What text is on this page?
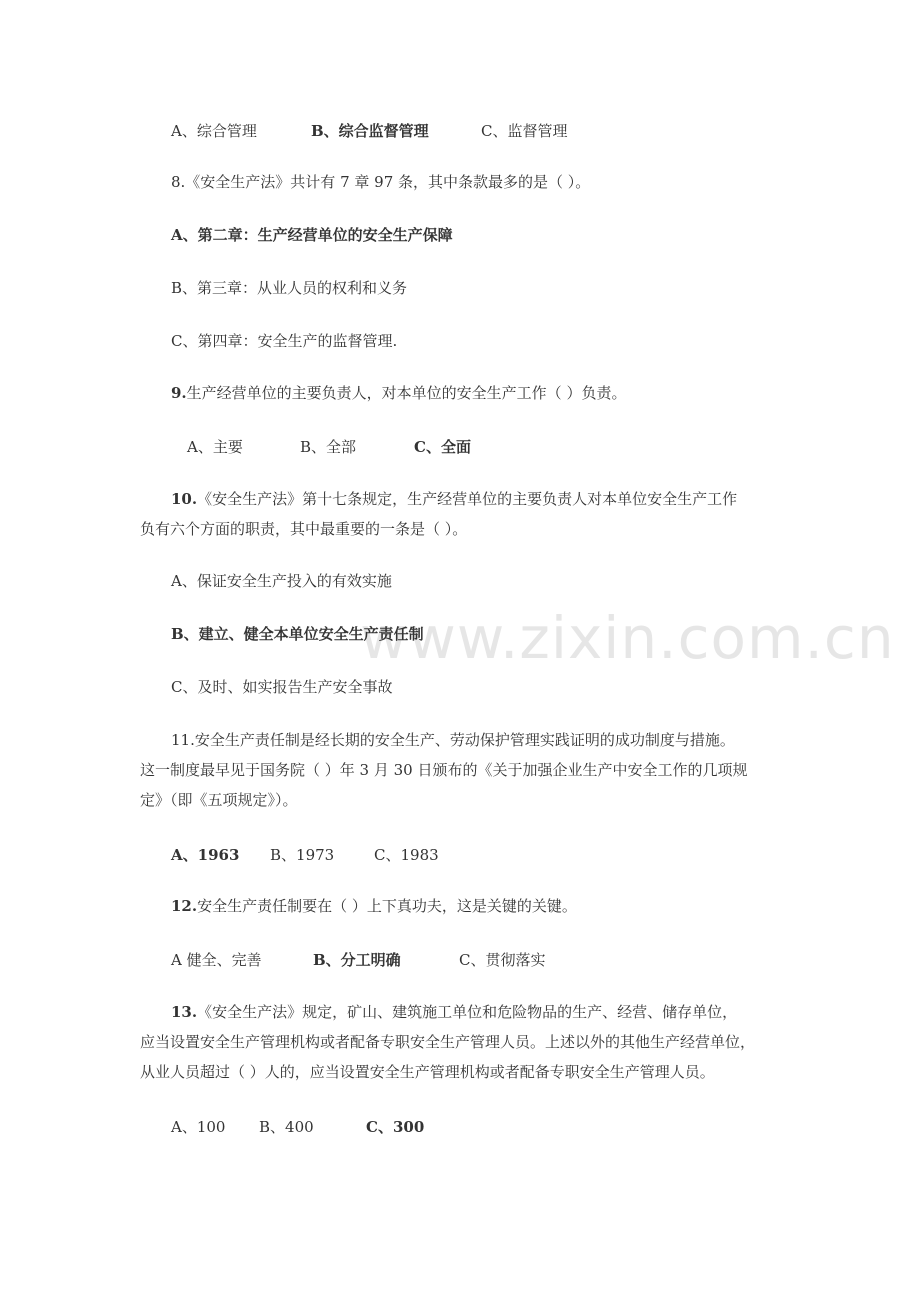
www.zixin.com.cn
A、综合管理	B、综合监督管理	C、监督管理
8.《安全生产法》共计有 7 章 97 条，其中条款最多的是（ ）。
A、第二章：生产经营单位的安全生产保障
B、第三章：从业人员的权利和义务
C、第四章：安全生产的监督管理.
9.生产经营单位的主要负责人，对本单位的安全生产工作（ ）负责。
A、主要	B、全部	C、全面
10.《安全生产法》第十七条规定，生产经营单位的主要负责人对本单位安全生产工作
负有六个方面的职责，其中最重要的一条是（ ）。
A、保证安全生产投入的有效实施
B、建立、健全本单位安全生产责任制
C、及时、如实报告生产安全事故
11.安全生产责任制是经长期的安全生产、劳动保护管理实践证明的成功制度与措施。
这一制度最早见于国务院（ ）年 3 月 30 日颁布的《关于加强企业生产中安全工作的几项规
定》（即《五项规定》）。
A、1963 B、1973	C、1983
12.安全生产责任制要在（ ）上下真功夫，这是关键的关键。
A 健全、完善	B、分工明确	C、贯彻落实
13.《安全生产法》规定，矿山、建筑施工单位和危险物品的生产、经营、储存单位，
应当设置安全生产管理机构或者配备专职安全生产管理人员。上述以外的其他生产经营单位，
从业人员超过（ ）人的，应当设置安全生产管理机构或者配备专职安全生产管理人员。
A、100 B、400	C、300
